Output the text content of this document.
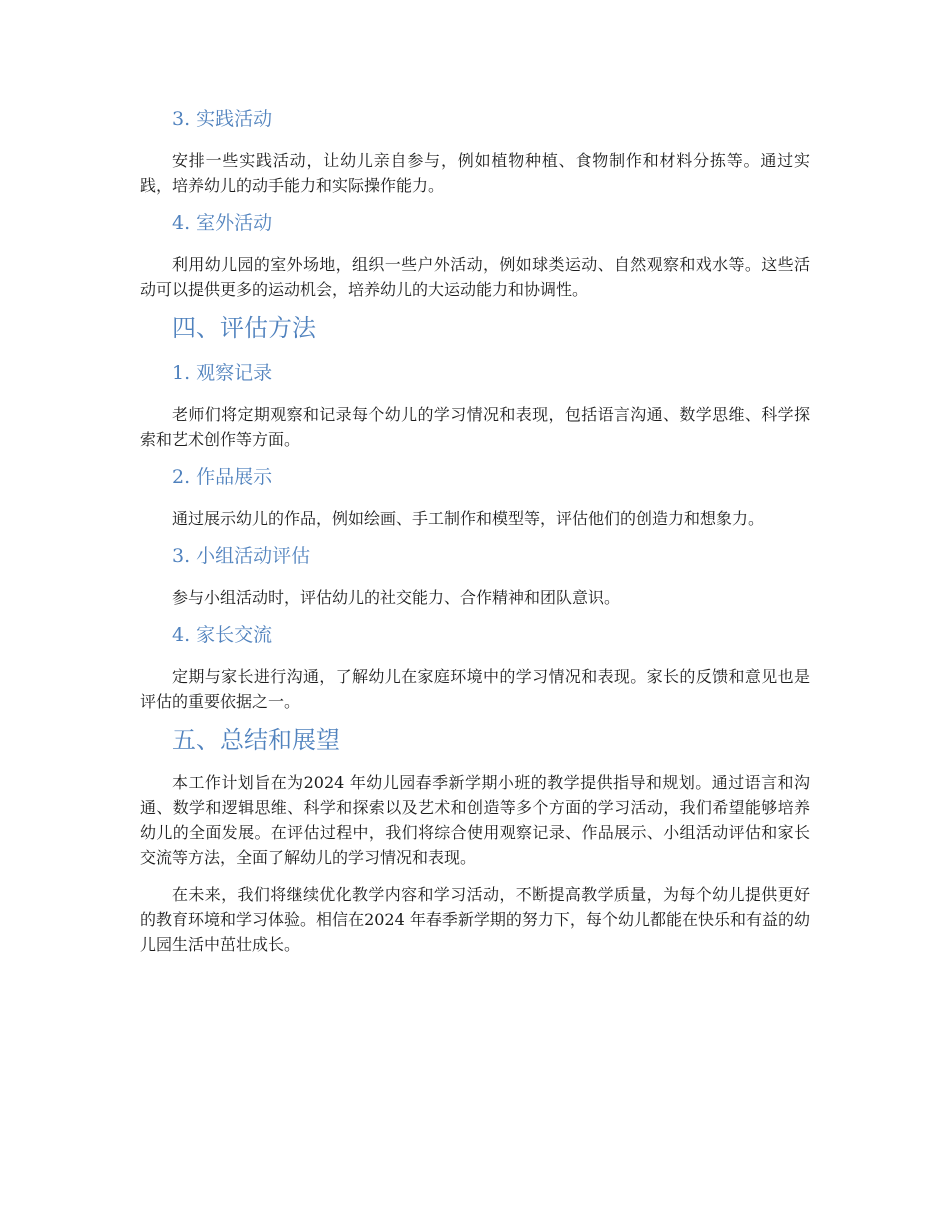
3. 实践活动

安排一些实践活动，让幼儿亲自参与，例如植物种植、食物制作和材料分拣等。通过实践，培养幼儿的动手能力和实际操作能力。

4. 室外活动

利用幼儿园的室外场地，组织一些户外活动，例如球类运动、自然观察和戏水等。这些活动可以提供更多的运动机会，培养幼儿的大运动能力和协调性。

四、评估方法
1. 观察记录

老师们将定期观察和记录每个幼儿的学习情况和表现，包括语言沟通、数学思维、科学探索和艺术创作等方面。

2. 作品展示

通过展示幼儿的作品，例如绘画、手工制作和模型等，评估他们的创造力和想象力。

3. 小组活动评估

参与小组活动时，评估幼儿的社交能力、合作精神和团队意识。

4. 家长交流

定期与家长进行沟通，了解幼儿在家庭环境中的学习情况和表现。家长的反馈和意见也是评估的重要依据之一。

五、总结和展望

本工作计划旨在为2024 年幼儿园春季新学期小班的教学提供指导和规划。通过语言和沟通、数学和逻辑思维、科学和探索以及艺术和创造等多个方面的学习活动，我们希望能够培养幼儿的全面发展。在评估过程中，我们将综合使用观察记录、作品展示、小组活动评估和家长交流等方法，全面了解幼儿的学习情况和表现。

在未来，我们将继续优化教学内容和学习活动，不断提高教学质量，为每个幼儿提供更好的教育环境和学习体验。相信在2024 年春季新学期的努力下，每个幼儿都能在快乐和有益的幼儿园生活中茁壮成长。
